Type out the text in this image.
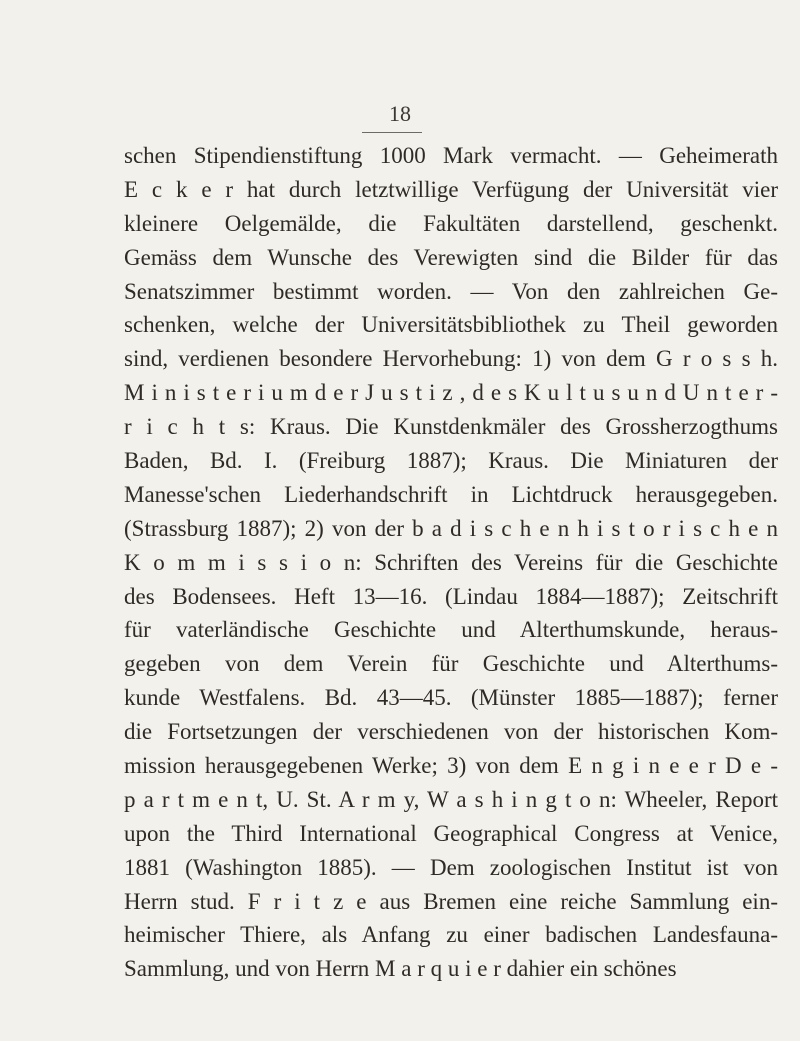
18
schen Stipendienstiftung 1000 Mark vermacht. — Geheimerath
E c k e r hat durch letztwillige Verfügung der Universität vier
kleinere Oelgemälde, die Fakultäten darstellend, geschenkt.
Gemäss dem Wunsche des Verewigten sind die Bilder für das
Senatszimmer bestimmt worden. — Von den zahlreichen Ge-
schenken, welche der Universitätsbibliothek zu Theil geworden
sind, verdienen besondere Hervorhebung: 1) von dem G r o s s h.
M i n i s t e r i u m d e r J u s t i z , d e s K u l t u s u n d U n t e r -
r i c h t s: Kraus. Die Kunstdenkmäler des Grossherzogthums
Baden, Bd. I. (Freiburg 1887); Kraus. Die Miniaturen der
Manesse'schen Liederhandschrift in Lichtdruck herausgegeben.
(Strassburg 1887); 2) von der b a d i s c h e n h i s t o r i s c h e n
K o m m i s s i o n: Schriften des Vereins für die Geschichte
des Bodensees. Heft 13—16. (Lindau 1884—1887); Zeitschrift
für vaterländische Geschichte und Alterthumskunde, heraus-
gegeben von dem Verein für Geschichte und Alterthums-
kunde Westfalens. Bd. 43—45. (Münster 1885—1887); ferner
die Fortsetzungen der verschiedenen von der historischen Kom-
mission herausgegebenen Werke; 3) von dem E n g i n e e r D e -
p a r t m e n t, U. St. A r m y, W a s h i n g t o n: Wheeler, Report
upon the Third International Geographical Congress at Venice,
1881 (Washington 1885). — Dem zoologischen Institut ist von
Herrn stud. F r i t z e aus Bremen eine reiche Sammlung ein-
heimischer Thiere, als Anfang zu einer badischen Landesfauna-
Sammlung, und von Herrn M a r q u i e r dahier ein schönes
